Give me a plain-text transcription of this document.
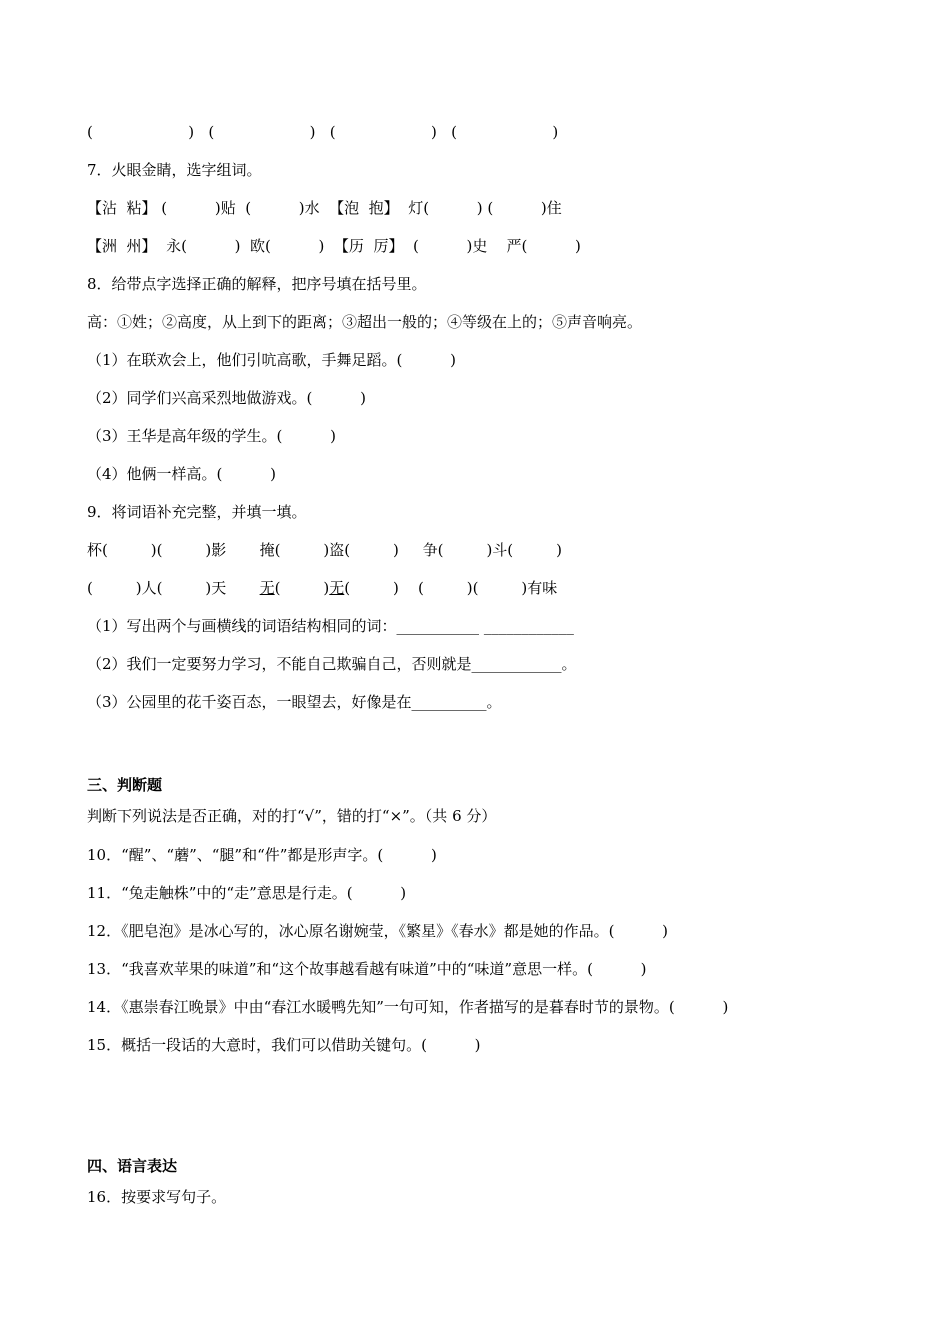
(                    )   (                    )   (                    )   (                    )
7．火眼金睛，选字组词。
【沾  粘】 (          )贴  (          )水  【泡  抱】  灯(          ) (          )住
【洲  州】  永(          )  欧(          )  【历  厉】  (          )史    严(          )
8．给带点字选择正确的解释，把序号填在括号里。
高：①姓；②高度，从上到下的距离；③超出一般的；④等级在上的；⑤声音响亮。
（1）在联欢会上，他们引吭高歌，手舞足蹈。(          )
（2）同学们兴高采烈地做游戏。(          )
（3）王华是高年级的学生。(          )
（4）他俩一样高。(          )
9．将词语补充完整，并填一填。
杯(         )(         )影       掩(         )盗(         )     争(         )斗(         )
(         )人(         )天       无(         )无(         )    (         )(         )有味
（1）写出两个与画横线的词语结构相同的词：___________ ____________
（2）我们一定要努力学习，不能自己欺骗自己，否则就是____________。
（3）公园里的花千姿百态，一眼望去，好像是在__________。
三、判断题
判断下列说法是否正确，对的打“√”，错的打“×”。（共 6 分）
10．“醒”、“蘑”、“腿”和“件”都是形声字。(          )
11．“兔走触株”中的“走”意思是行走。(          )
12．《肥皂泡》是冰心写的，冰心原名谢婉莹，《繁星》《春水》都是她的作品。(          )
13．“我喜欢苹果的味道”和“这个故事越看越有味道”中的“味道”意思一样。(          )
14．《惠崇春江晚景》中由“春江水暖鸭先知”一句可知，作者描写的是暮春时节的景物。(          )
15．概括一段话的大意时，我们可以借助关键句。(          )
四、语言表达
16．按要求写句子。
